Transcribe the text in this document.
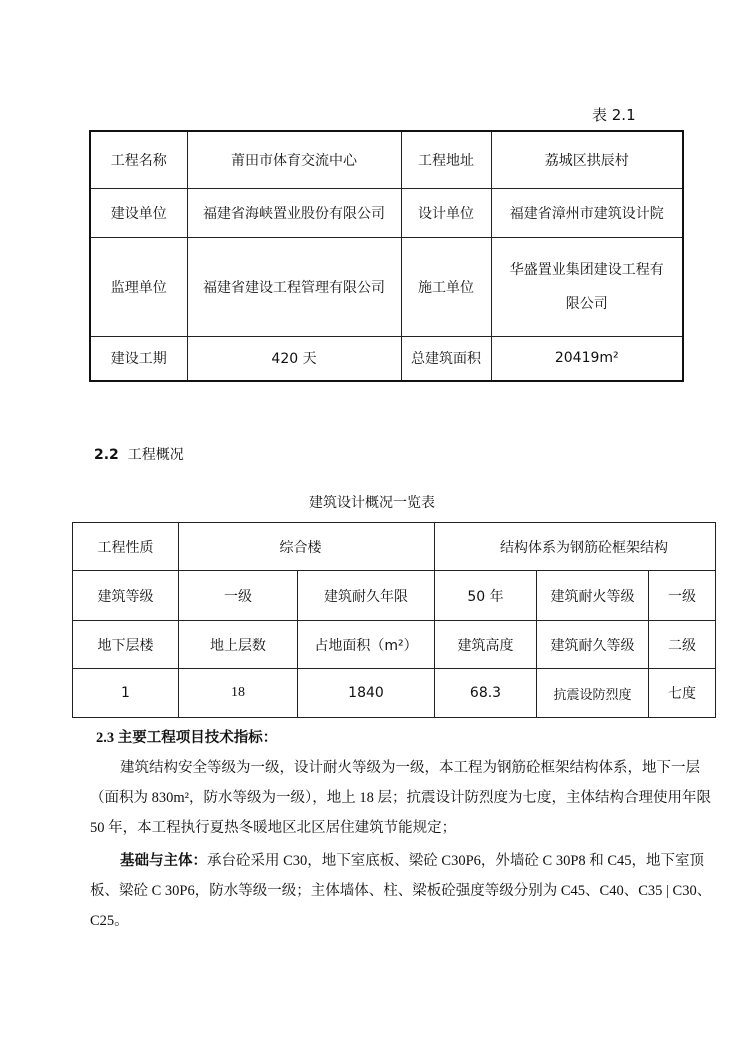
表 2.1
工程名称	莆田市体育交流中心	工程地址	荔城区拱辰村
建设单位	福建省海峡置业股份有限公司	设计单位	福建省漳州市建筑设计院
监理单位	福建省建设工程管理有限公司	施工单位	华盛置业集团建设工程有限公司
建设工期	420 天	总建筑面积	20419m²
2.2 工程概况
建筑设计概况一览表
工程性质	综合楼		结构体系为钢筋砼框架结构		
建筑等级	一级	建筑耐久年限	50 年	建筑耐火等级	一级
地下层楼	地上层数	占地面积（m²）	建筑高度	建筑耐久等级	二级
1	18	1840	68.3	抗震设防烈度	七度
2.3 主要工程项目技术指标：
建筑结构安全等级为一级，设计耐火等级为一级，本工程为钢筋砼框架结构体系，地下一层（面积为 830m²，防水等级为一级），地上 18 层；抗震设计防烈度为七度，主体结构合理使用年限 50 年，本工程执行夏热冬暖地区北区居住建筑节能规定；
基础与主体：承台砼采用 C30，地下室底板、梁砼 C30P6，外墙砼 C 30P8 和 C45，地下室顶板、梁砼 C 30P6，防水等级一级；主体墙体、柱、梁板砼强度等级分别为 C45、C40、C35 | C30、C25。
